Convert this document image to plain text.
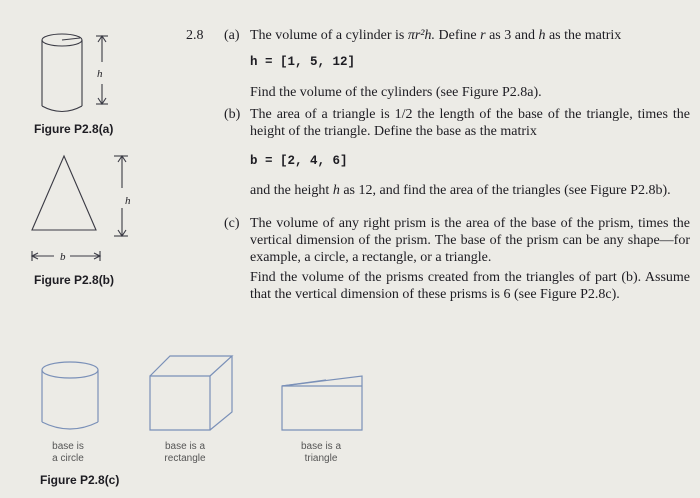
h
Figure P2.8(a)
h
b
Figure P2.8(b)
base is
a circle
base is a
rectangle
base is a
triangle
Figure P2.8(c)
2.8 (a) The volume of a cylinder is πr²h. Define r as 3 and h as the matrix
h = [1, 5, 12]
Find the volume of the cylinders (see Figure P2.8a).
(b) The area of a triangle is 1/2 the length of the base of the triangle, times the height of the triangle. Define the base as the matrix
b = [2, 4, 6]
and the height h as 12, and find the area of the triangles (see Figure P2.8b).
(c) The volume of any right prism is the area of the base of the prism, times the vertical dimension of the prism. The base of the prism can be any shape—for example, a circle, a rectangle, or a triangle.
Find the volume of the prisms created from the triangles of part (b). Assume that the vertical dimension of these prisms is 6 (see Figure P2.8c).
